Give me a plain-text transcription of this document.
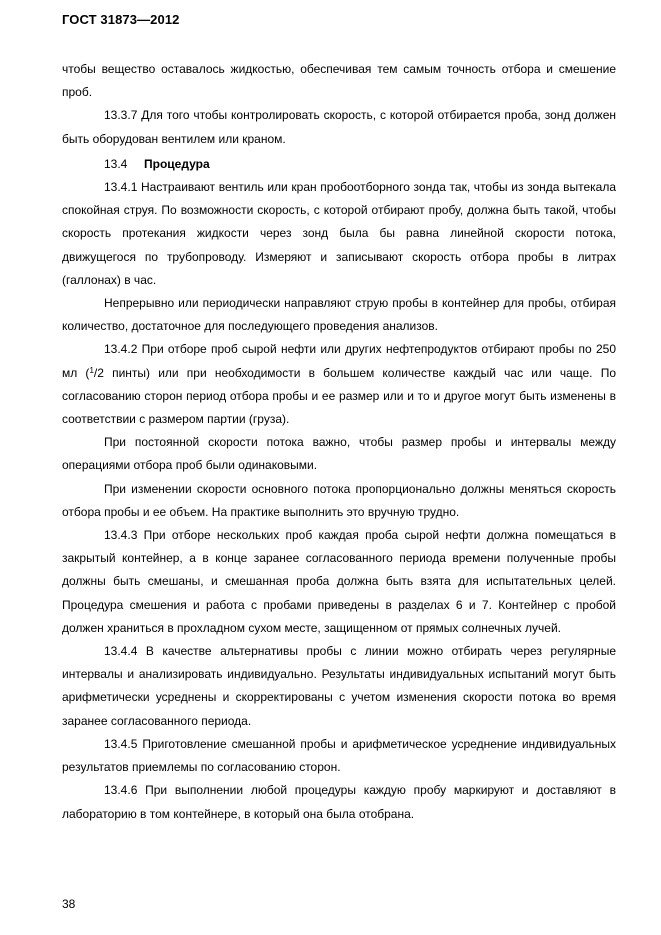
ГОСТ 31873—2012

чтобы вещество оставалось жидкостью, обеспечивая тем самым точность отбора и смешение проб.

13.3.7 Для того чтобы контролировать скорость, с которой отбирается проба, зонд должен быть оборудован вентилем или краном.

13.4 Процедура

13.4.1 Настраивают вентиль или кран пробоотборного зонда так, чтобы из зонда вытекала спокойная струя. По возможности скорость, с которой отбирают пробу, должна быть такой, чтобы скорость протекания жидкости через зонд была бы равна линейной скорости потока, движущегося по трубопроводу. Измеряют и записывают скорость отбора пробы в литрах (галлонах) в час.

Непрерывно или периодически направляют струю пробы в контейнер для пробы, отбирая количество, достаточное для последующего проведения анализов.

13.4.2 При отборе проб сырой нефти или других нефтепродуктов отбирают пробы по 250 мл ($^1$/2 пинты) или при необходимости в большем количестве каждый час или чаще. По согласованию сторон период отбора пробы и ее размер или и то и другое могут быть изменены в соответствии с размером партии (груза).

При постоянной скорости потока важно, чтобы размер пробы и интервалы между операциями отбора проб были одинаковыми.

При изменении скорости основного потока пропорционально должны меняться скорость отбора пробы и ее объем. На практике выполнить это вручную трудно.

13.4.3 При отборе нескольких проб каждая проба сырой нефти должна помещаться в закрытый контейнер, а в конце заранее согласованного периода времени полученные пробы должны быть смешаны, и смешанная проба должна быть взята для испытательных целей. Процедура смешения и работа с пробами приведены в разделах 6 и 7. Контейнер с пробой должен храниться в прохладном сухом месте, защищенном от прямых солнечных лучей.

13.4.4 В качестве альтернативы пробы с линии можно отбирать через регулярные интервалы и анализировать индивидуально. Результаты индивидуальных испытаний могут быть арифметически усреднены и скорректированы с учетом изменения скорости потока во время заранее согласованного периода.

13.4.5 Приготовление смешанной пробы и арифметическое усреднение индивидуальных результатов приемлемы по согласованию сторон.

13.4.6 При выполнении любой процедуры каждую пробу маркируют и доставляют в лабораторию в том контейнере, в который она была отобрана.

38
